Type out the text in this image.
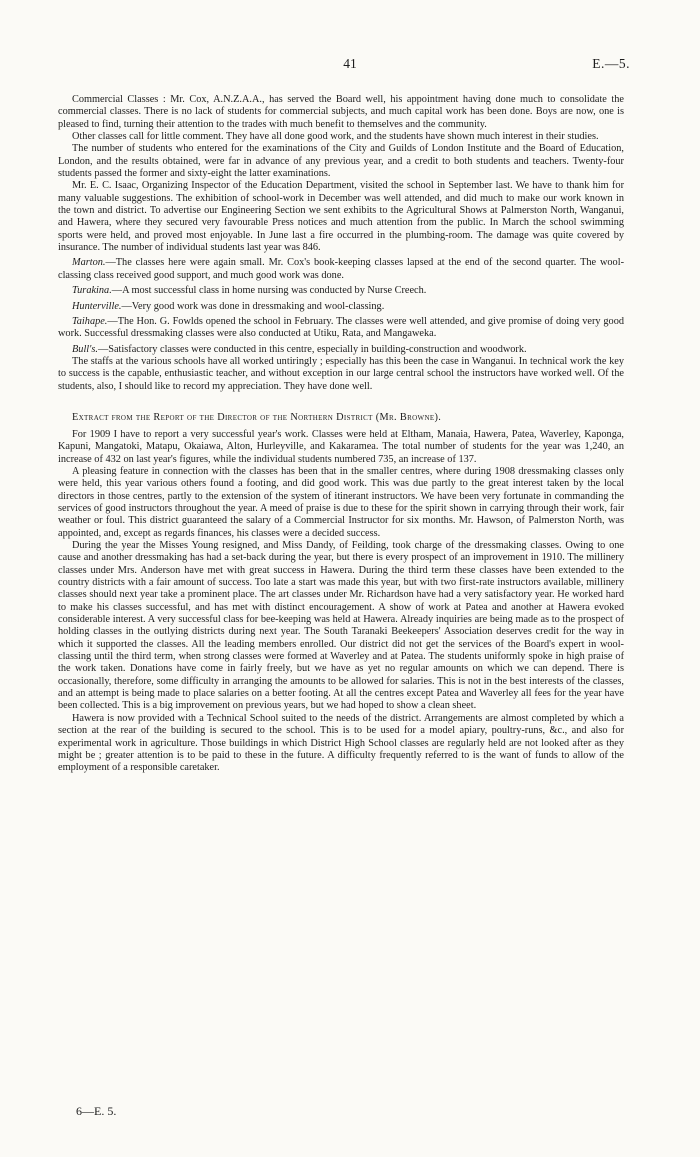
41	E.—5.

Commercial Classes : Mr. Cox, A.N.Z.A.A., has served the Board well, his appointment having done much to consolidate the commercial classes. There is no lack of students for commercial subjects, and much capital work has been done. Boys are now, one is pleased to find, turning their attention to the trades with much benefit to themselves and the community.

Other classes call for little comment. They have all done good work, and the students have shown much interest in their studies.

The number of students who entered for the examinations of the City and Guilds of London Institute and the Board of Education, London, and the results obtained, were far in advance of any previous year, and a credit to both students and teachers. Twenty-four students passed the former and sixty-eight the latter examinations.

Mr. E. C. Isaac, Organizing Inspector of the Education Department, visited the school in September last. We have to thank him for many valuable suggestions. The exhibition of school-work in December was well attended, and did much to make our work known in the town and district. To advertise our Engineering Section we sent exhibits to the Agricultural Shows at Palmerston North, Wanganui, and Hawera, where they secured very favourable Press notices and much attention from the public. In March the school swimming sports were held, and proved most enjoyable. In June last a fire occurred in the plumbing-room. The damage was quite covered by insurance. The number of individual students last year was 846.

Marton.—The classes here were again small. Mr. Cox's book-keeping classes lapsed at the end of the second quarter. The wool-classing class received good support, and much good work was done.

Turakina.—A most successful class in home nursing was conducted by Nurse Creech.

Hunterville.—Very good work was done in dressmaking and wool-classing.

Taihape.—The Hon. G. Fowlds opened the school in February. The classes were well attended, and give promise of doing very good work. Successful dressmaking classes were also conducted at Utiku, Rata, and Mangaweka.

Bull's.—Satisfactory classes were conducted in this centre, especially in building-construction and woodwork.

The staffs at the various schools have all worked untiringly ; especially has this been the case in Wanganui. In technical work the key to success is the capable, enthusiastic teacher, and without exception in our large central school the instructors have worked well. Of the students, also, I should like to record my appreciation. They have done well.

Extract from the Report of the Director of the Northern District (Mr. Browne).

For 1909 I have to report a very successful year's work. Classes were held at Eltham, Manaia, Hawera, Patea, Waverley, Kaponga, Kapuni, Mangatoki, Matapu, Okaiawa, Alton, Hurleyville, and Kakaramea. The total number of students for the year was 1,240, an increase of 432 on last year's figures, while the individual students numbered 735, an increase of 137.

A pleasing feature in connection with the classes has been that in the smaller centres, where during 1908 dressmaking classes only were held, this year various others found a footing, and did good work. This was due partly to the great interest taken by the local directors in those centres, partly to the extension of the system of itinerant instructors. We have been very fortunate in commanding the services of good instructors throughout the year. A meed of praise is due to these for the spirit shown in carrying through their work, fair weather or foul. This district guaranteed the salary of a Commercial Instructor for six months. Mr. Hawson, of Palmerston North, was appointed, and, except as regards finances, his classes were a decided success.

During the year the Misses Young resigned, and Miss Dandy, of Feilding, took charge of the dressmaking classes. Owing to one cause and another dressmaking has had a set-back during the year, but there is every prospect of an improvement in 1910. The millinery classes under Mrs. Anderson have met with great success in Hawera. During the third term these classes have been extended to the country districts with a fair amount of success. Too late a start was made this year, but with two first-rate instructors available, millinery classes should next year take a prominent place. The art classes under Mr. Richardson have had a very satisfactory year. He worked hard to make his classes successful, and has met with distinct encouragement. A show of work at Patea and another at Hawera evoked considerable interest. A very successful class for bee-keeping was held at Hawera. Already inquiries are being made as to the prospect of holding classes in the outlying districts during next year. The South Taranaki Beekeepers' Association deserves credit for the way in which it supported the classes. All the leading members enrolled. Our district did not get the services of the Board's expert in wool-classing until the third term, when strong classes were formed at Waverley and at Patea. The students uniformly spoke in high praise of the work taken. Donations have come in fairly freely, but we have as yet no regular amounts on which we can depend. There is occasionally, therefore, some difficulty in arranging the amounts to be allowed for salaries. This is not in the best interests of the classes, and an attempt is being made to place salaries on a better footing. At all the centres except Patea and Waverley all fees for the year have been collected. This is a big improvement on previous years, but we had hoped to show a clean sheet.

Hawera is now provided with a Technical School suited to the needs of the district. Arrangements are almost completed by which a section at the rear of the building is secured to the school. This is to be used for a model apiary, poultry-runs, &c., and also for experimental work in agriculture. Those buildings in which District High School classes are regularly held are not looked after as they might be ; greater attention is to be paid to these in the future. A difficulty frequently referred to is the want of funds to allow of the employment of a responsible caretaker.

6—E. 5.
